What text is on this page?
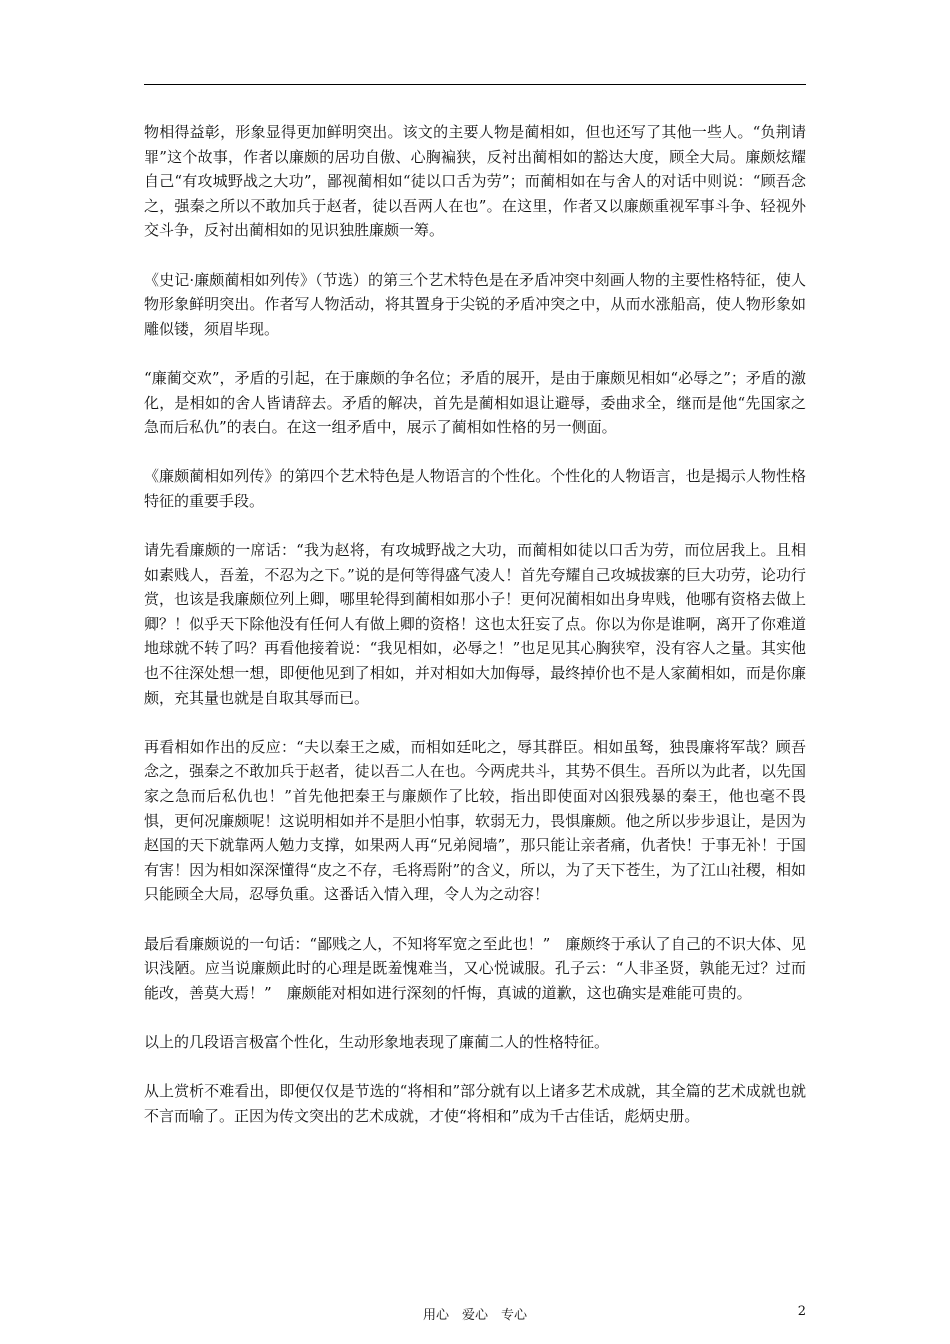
物相得益彰，形象显得更加鲜明突出。该文的主要人物是蔺相如，但也还写了其他一些人。“负荆请罪”这个故事，作者以廉颇的居功自傲、心胸褊狭，反衬出蔺相如的豁达大度，顾全大局。廉颇炫耀自己“有攻城野战之大功”，鄙视蔺相如“徒以口舌为劳”；而蔺相如在与舍人的对话中则说：“顾吾念之，强秦之所以不敢加兵于赵者，徒以吾两人在也”。在这里，作者又以廉颇重视军事斗争、轻视外交斗争，反衬出蔺相如的见识独胜廉颇一筹。

《史记·廉颇蔺相如列传》（节选）的第三个艺术特色是在矛盾冲突中刻画人物的主要性格特征，使人物形象鲜明突出。作者写人物活动，将其置身于尖锐的矛盾冲突之中，从而水涨船高，使人物形象如雕似镂，须眉毕现。

“廉蔺交欢”，矛盾的引起，在于廉颇的争名位；矛盾的展开，是由于廉颇见相如“必辱之”；矛盾的激化，是相如的舍人皆请辞去。矛盾的解决，首先是蔺相如退让避辱，委曲求全，继而是他“先国家之急而后私仇”的表白。在这一组矛盾中，展示了蔺相如性格的另一侧面。

《廉颇蔺相如列传》的第四个艺术特色是人物语言的个性化。个性化的人物语言，也是揭示人物性格特征的重要手段。

请先看廉颇的一席话：“我为赵将，有攻城野战之大功，而蔺相如徒以口舌为劳，而位居我上。且相如素贱人，吾羞，不忍为之下。”说的是何等得盛气凌人！首先夸耀自己攻城拔寨的巨大功劳，论功行赏，也该是我廉颇位列上卿，哪里轮得到蔺相如那小子！更何况蔺相如出身卑贱，他哪有资格去做上卿？！似乎天下除他没有任何人有做上卿的资格！这也太狂妄了点。你以为你是谁啊，离开了你难道地球就不转了吗？再看他接着说：“我见相如，必辱之！”也足见其心胸狭窄，没有容人之量。其实他也不往深处想一想，即便他见到了相如，并对相如大加侮辱，最终掉价也不是人家蔺相如，而是你廉颇，充其量也就是自取其辱而已。

再看相如作出的反应：“夫以秦王之威，而相如廷叱之，辱其群臣。相如虽驽，独畏廉将军哉？顾吾念之，强秦之不敢加兵于赵者，徒以吾二人在也。今两虎共斗，其势不俱生。吾所以为此者，以先国家之急而后私仇也！”首先他把秦王与廉颇作了比较，指出即使面对凶狠残暴的秦王，他也毫不畏惧，更何况廉颇呢！这说明相如并不是胆小怕事，软弱无力，畏惧廉颇。他之所以步步退让，是因为赵国的天下就靠两人勉力支撑，如果两人再“兄弟阋墙”，那只能让亲者痛，仇者快！于事无补！于国有害！因为相如深深懂得“皮之不存，毛将焉附”的含义，所以，为了天下苍生，为了江山社稷，相如只能顾全大局，忍辱负重。这番话入情入理，令人为之动容！

最后看廉颇说的一句话：“鄙贱之人，不知将军宽之至此也！”　廉颇终于承认了自己的不识大体、见识浅陋。应当说廉颇此时的心理是既羞愧难当，又心悦诚服。孔子云：“人非圣贤，孰能无过？过而能改，善莫大焉！”　廉颇能对相如进行深刻的忏悔，真诚的道歉，这也确实是难能可贵的。

以上的几段语言极富个性化，生动形象地表现了廉蔺二人的性格特征。

从上赏析不难看出，即便仅仅是节选的“将相和”部分就有以上诸多艺术成就，其全篇的艺术成就也就不言而喻了。正因为传文突出的艺术成就，才使“将相和”成为千古佳话，彪炳史册。

用心　爱心　专心	2
